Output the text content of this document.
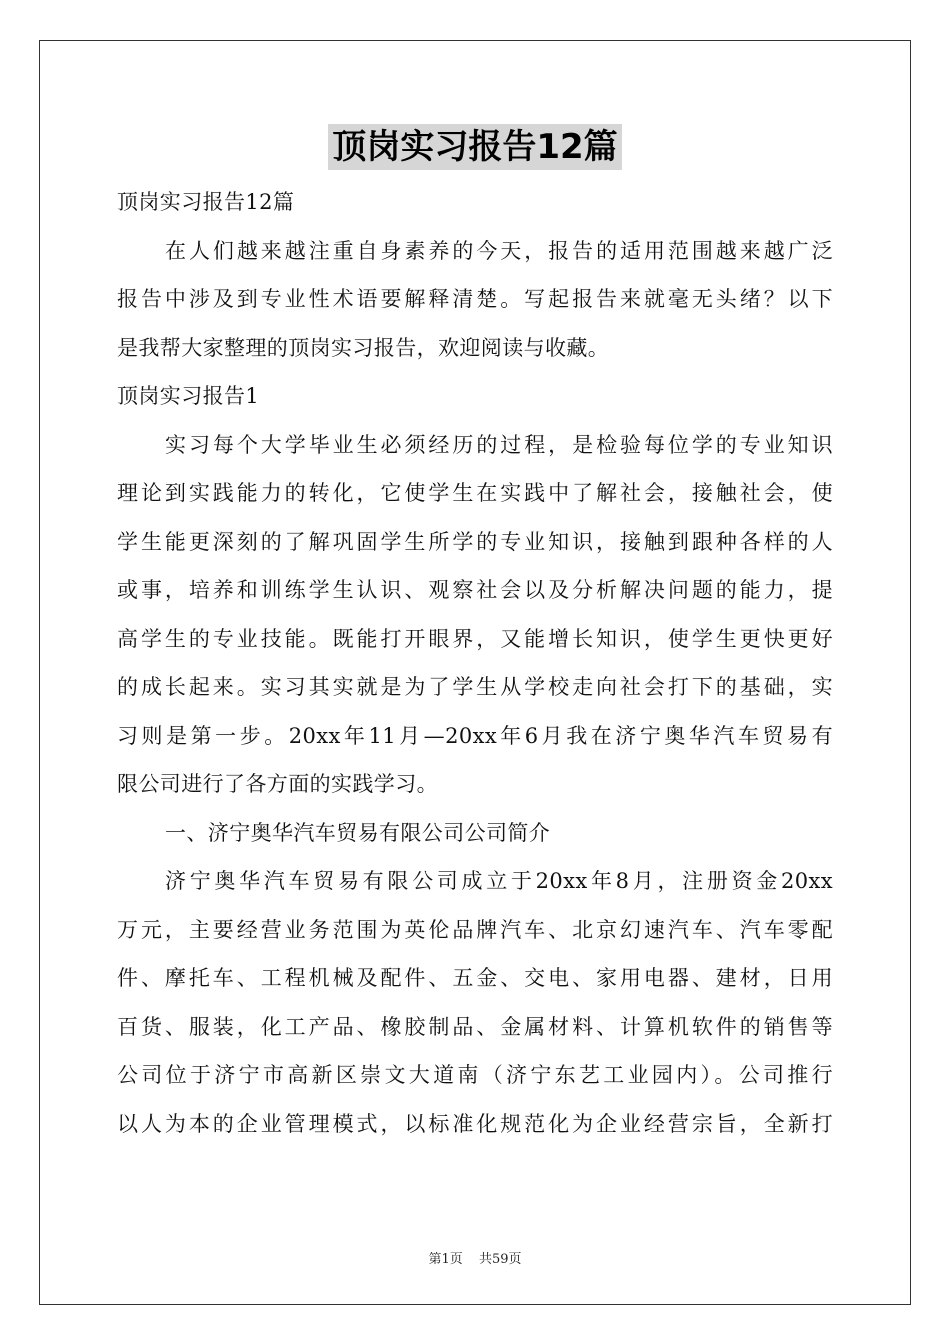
顶岗实习报告12篇
顶岗实习报告12篇
在人们越来越注重自身素养的今天，报告的适用范围越来越广泛
报告中涉及到专业性术语要解释清楚。写起报告来就毫无头绪？以下
是我帮大家整理的顶岗实习报告，欢迎阅读与收藏。
顶岗实习报告1
实习每个大学毕业生必须经历的过程，是检验每位学的专业知识
理论到实践能力的转化，它使学生在实践中了解社会，接触社会，使
学生能更深刻的了解巩固学生所学的专业知识，接触到跟种各样的人
或事，培养和训练学生认识、观察社会以及分析解决问题的能力，提
高学生的专业技能。既能打开眼界，又能增长知识，使学生更快更好
的成长起来。实习其实就是为了学生从学校走向社会打下的基础，实
习则是第一步。20xx年11月—20xx年6月我在济宁奥华汽车贸易有
限公司进行了各方面的实践学习。
一、济宁奥华汽车贸易有限公司公司简介
济宁奥华汽车贸易有限公司成立于20xx年8月，注册资金20xx
万元，主要经营业务范围为英伦品牌汽车、北京幻速汽车、汽车零配
件、摩托车、工程机械及配件、五金、交电、家用电器、建材，日用
百货、服装，化工产品、橡胶制品、金属材料、计算机软件的销售等
公司位于济宁市高新区崇文大道南（济宁东艺工业园内）。公司推行
以人为本的企业管理模式，以标准化规范化为企业经营宗旨，全新打
第1页 共59页
